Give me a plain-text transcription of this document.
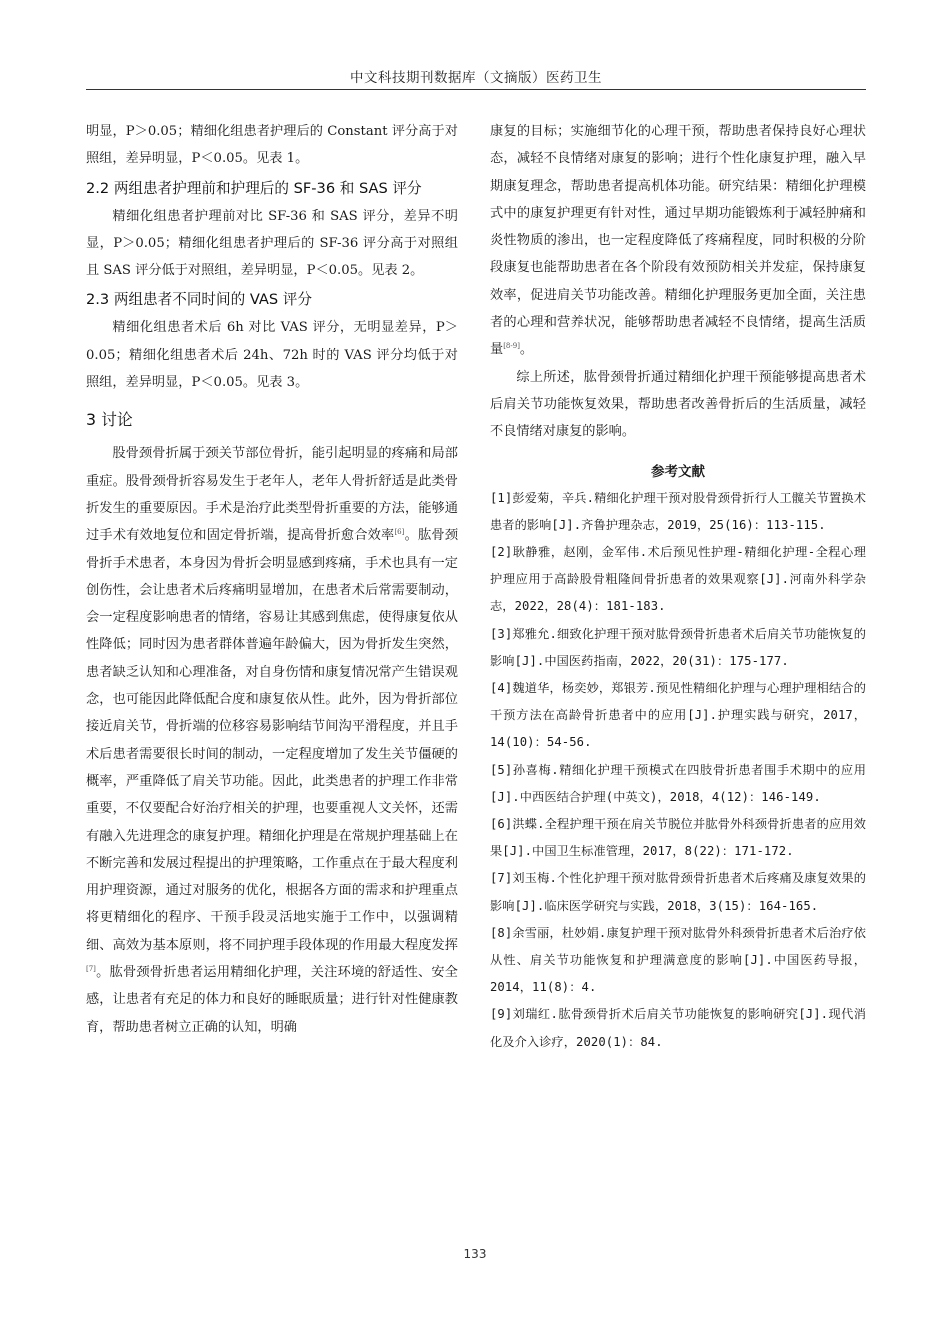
中文科技期刊数据库（文摘版）医药卫生

明显，P＞0.05；精细化组患者护理后的 Constant 评分高于对照组，差异明显，P＜0.05。见表 1。

2.2 两组患者护理前和护理后的 SF-36 和 SAS 评分

精细化组患者护理前对比 SF-36 和 SAS 评分，差异不明显，P＞0.05；精细化组患者护理后的 SF-36 评分高于对照组且 SAS 评分低于对照组，差异明显，P＜0.05。见表 2。

2.3 两组患者不同时间的 VAS 评分

精细化组患者术后 6h 对比 VAS 评分，无明显差异，P＞0.05；精细化组患者术后 24h、72h 时的 VAS 评分均低于对照组，差异明显，P＜0.05。见表 3。

3 讨论

股骨颈骨折属于颈关节部位骨折，能引起明显的疼痛和局部重症。股骨颈骨折容易发生于老年人，老年人骨折舒适是此类骨折发生的重要原因。手术是治疗此类型骨折重要的方法，能够通过手术有效地复位和固定骨折端，提高骨折愈合效率[6]。肱骨颈骨折手术患者，本身因为骨折会明显感到疼痛，手术也具有一定创伤性，会让患者术后疼痛明显增加，在患者术后常需要制动，会一定程度影响患者的情绪，容易让其感到焦虑，使得康复依从性降低；同时因为患者群体普遍年龄偏大，因为骨折发生突然，患者缺乏认知和心理准备，对自身伤情和康复情况常产生错误观念，也可能因此降低配合度和康复依从性。此外，因为骨折部位接近肩关节，骨折端的位移容易影响结节间沟平滑程度，并且手术后患者需要很长时间的制动，一定程度增加了发生关节僵硬的概率，严重降低了肩关节功能。因此，此类患者的护理工作非常重要，不仅要配合好治疗相关的护理，也要重视人文关怀，还需有融入先进理念的康复护理。精细化护理是在常规护理基础上在不断完善和发展过程提出的护理策略，工作重点在于最大程度利用护理资源，通过对服务的优化，根据各方面的需求和护理重点将更精细化的程序、干预手段灵活地实施于工作中，以强调精细、高效为基本原则，将不同护理手段体现的作用最大程度发挥[7]。肱骨颈骨折患者运用精细化护理，关注环境的舒适性、安全感，让患者有充足的体力和良好的睡眠质量；进行针对性健康教育，帮助患者树立正确的认知，明确

康复的目标；实施细节化的心理干预，帮助患者保持良好心理状态，减轻不良情绪对康复的影响；进行个性化康复护理，融入早期康复理念，帮助患者提高机体功能。研究结果：精细化护理模式中的康复护理更有针对性，通过早期功能锻炼利于减轻肿痛和炎性物质的渗出，也一定程度降低了疼痛程度，同时积极的分阶段康复也能帮助患者在各个阶段有效预防相关并发症，保持康复效率，促进肩关节功能改善。精细化护理服务更加全面，关注患者的心理和营养状况，能够帮助患者减轻不良情绪，提高生活质量[8-9]。

综上所述，肱骨颈骨折通过精细化护理干预能够提高患者术后肩关节功能恢复效果，帮助患者改善骨折后的生活质量，减轻不良情绪对康复的影响。

参考文献

[1]彭爱菊，辛兵.精细化护理干预对股骨颈骨折行人工髋关节置换术患者的影响[J].齐鲁护理杂志，2019，25(16)：113-115.

[2]耿静雅，赵刚，金军伟.术后预见性护理-精细化护理-全程心理护理应用于高龄股骨粗隆间骨折患者的效果观察[J].河南外科学杂志，2022，28(4)：181-183.

[3]郑雅允.细致化护理干预对肱骨颈骨折患者术后肩关节功能恢复的影响[J].中国医药指南，2022，20(31)：175-177.

[4]魏道华，杨奕妙，郑银芳.预见性精细化护理与心理护理相结合的干预方法在高龄骨折患者中的应用[J].护理实践与研究，2017，14(10)：54-56.

[5]孙喜梅.精细化护理干预模式在四肢骨折患者围手术期中的应用[J].中西医结合护理(中英文)，2018，4(12)：146-149.

[6]洪蝶.全程护理干预在肩关节脱位并肱骨外科颈骨折患者的应用效果[J].中国卫生标准管理，2017，8(22)：171-172.

[7]刘玉梅.个性化护理干预对肱骨颈骨折患者术后疼痛及康复效果的影响[J].临床医学研究与实践，2018，3(15)：164-165.

[8]余雪丽，杜妙娟.康复护理干预对肱骨外科颈骨折患者术后治疗依从性、肩关节功能恢复和护理满意度的影响[J].中国医药导报，2014，11(8)：4.

[9]刘瑞红.肱骨颈骨折术后肩关节功能恢复的影响研究[J].现代消化及介入诊疗，2020(1)：84.

133
